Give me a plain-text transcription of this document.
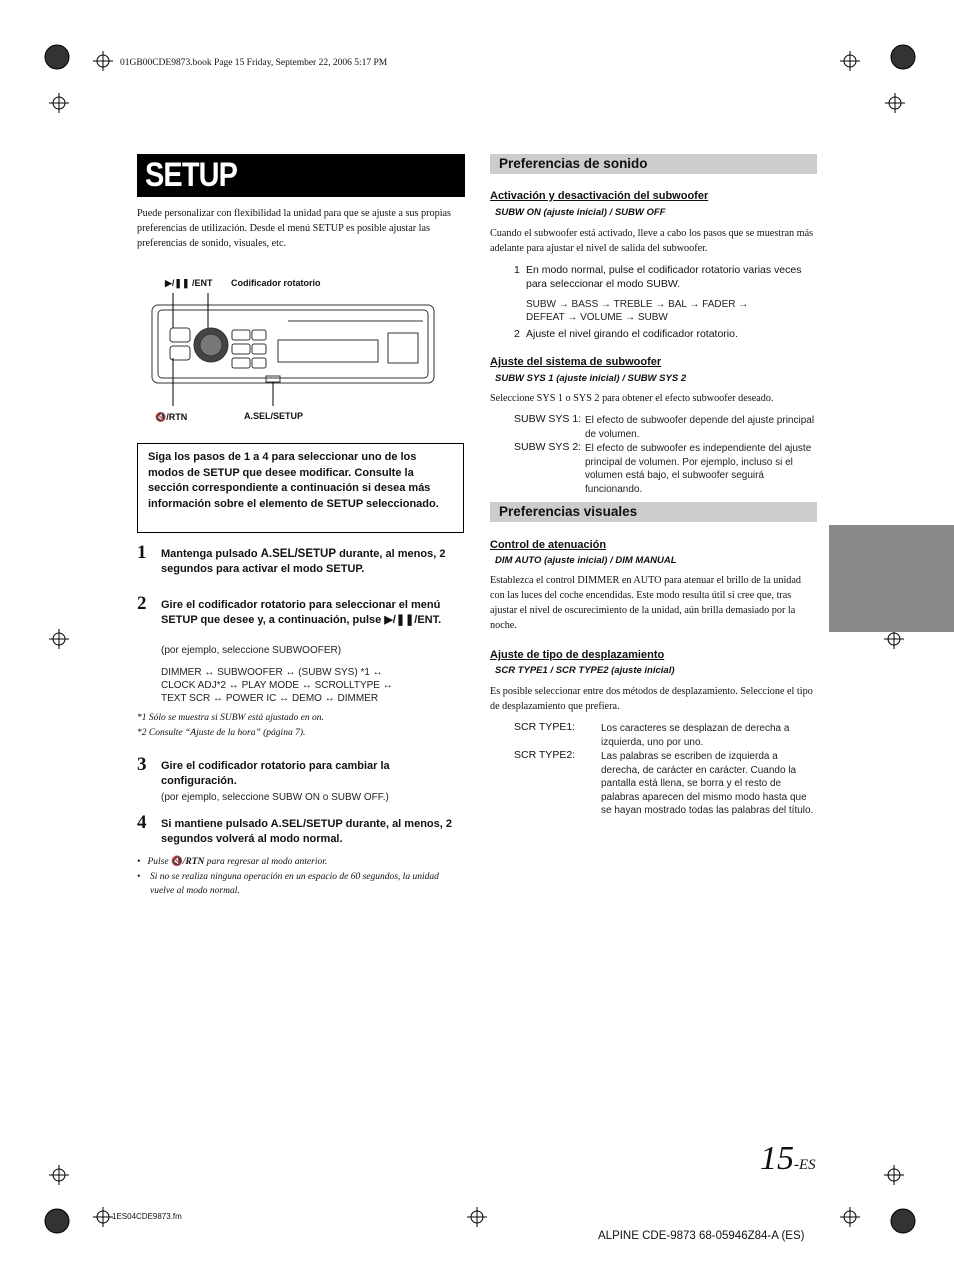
01GB00CDE9873.book Page 15 Friday, September 22, 2006 5:17 PM
SETUP
Puede personalizar con flexibilidad la unidad para que se ajuste a sus propias preferencias de utilización. Desde el menú SETUP es posible ajustar las preferencias de sonido, visuales, etc.
▶/❚❚ /ENT Codificador rotatorio
🔇/RTN	A.SEL/SETUP
Siga los pasos de 1 a 4 para seleccionar uno de los modos de SETUP que desee modificar. Consulte la sección correspondiente a continuación si desea más información sobre el elemento de SETUP seleccionado.
1 Mantenga pulsado A.SEL/SETUP durante, al menos, 2 segundos para activar el modo SETUP.
2 Gire el codificador rotatorio para seleccionar el menú SETUP que desee y, a continuación, pulse ▶/❚❚/ENT.
(por ejemplo, seleccione SUBWOOFER)
DIMMER ↔ SUBWOOFER ↔ (SUBW SYS) *1 ↔
CLOCK ADJ*2 ↔ PLAY MODE ↔ SCROLLTYPE ↔
TEXT SCR ↔ POWER IC ↔ DEMO ↔ DIMMER
*1 Sólo se muestra si SUBW está ajustado en on.
*2 Consulte “Ajuste de la hora” (página 7).
3 Gire el codificador rotatorio para cambiar la configuración.
(por ejemplo, seleccione SUBW ON o SUBW OFF.)
4 Si mantiene pulsado A.SEL/SETUP durante, al menos, 2 segundos volverá al modo normal.
•   Pulse 🔇/RTN para regresar al modo anterior.
•	Si no se realiza ninguna operación en un espacio de 60 segundos, la unidad vuelve al modo normal.
Preferencias de sonido
Activación y desactivación del subwoofer
SUBW ON (ajuste inicial) / SUBW OFF
Cuando el subwoofer está activado, lleve a cabo los pasos que se muestran más adelante para ajustar el nivel de salida del subwoofer.
1 En modo normal, pulse el codificador rotatorio varias veces para seleccionar el modo SUBW.
SUBW → BASS → TREBLE → BAL → FADER →
DEFEAT → VOLUME → SUBW
2 Ajuste el nivel girando el codificador rotatorio.
Ajuste del sistema de subwoofer
SUBW SYS 1 (ajuste inicial) / SUBW SYS 2
Seleccione SYS 1 o SYS 2 para obtener el efecto subwoofer deseado.
SUBW SYS 1: El efecto de subwoofer depende del ajuste principal de volumen.
SUBW SYS 2: El efecto de subwoofer es independiente del ajuste principal de volumen. Por ejemplo, incluso si el volumen está bajo, el subwoofer seguirá funcionando.
Preferencias visuales
Control de atenuación
DIM AUTO (ajuste inicial) / DIM MANUAL
Establezca el control DIMMER en AUTO para atenuar el brillo de la unidad con las luces del coche encendidas. Este modo resulta útil si cree que, tras ajustar el nivel de oscurecimiento de la unidad, aún brilla demasiado por la noche.
Ajuste de tipo de desplazamiento
SCR TYPE1 / SCR TYPE2 (ajuste inicial)
Es posible seleccionar entre dos métodos de desplazamiento. Seleccione el tipo de desplazamiento que prefiera.
SCR TYPE1:	Los caracteres se desplazan de derecha a izquierda, uno por uno.
SCR TYPE2:	Las palabras se escriben de izquierda a derecha, de carácter en carácter. Cuando la pantalla está llena, se borra y el resto de palabras aparecen del mismo modo hasta que se hayan mostrado todas las palabras del título.
15-ES
1ES04CDE9873.fm
ALPINE CDE-9873 68-05946Z84-A (ES)
